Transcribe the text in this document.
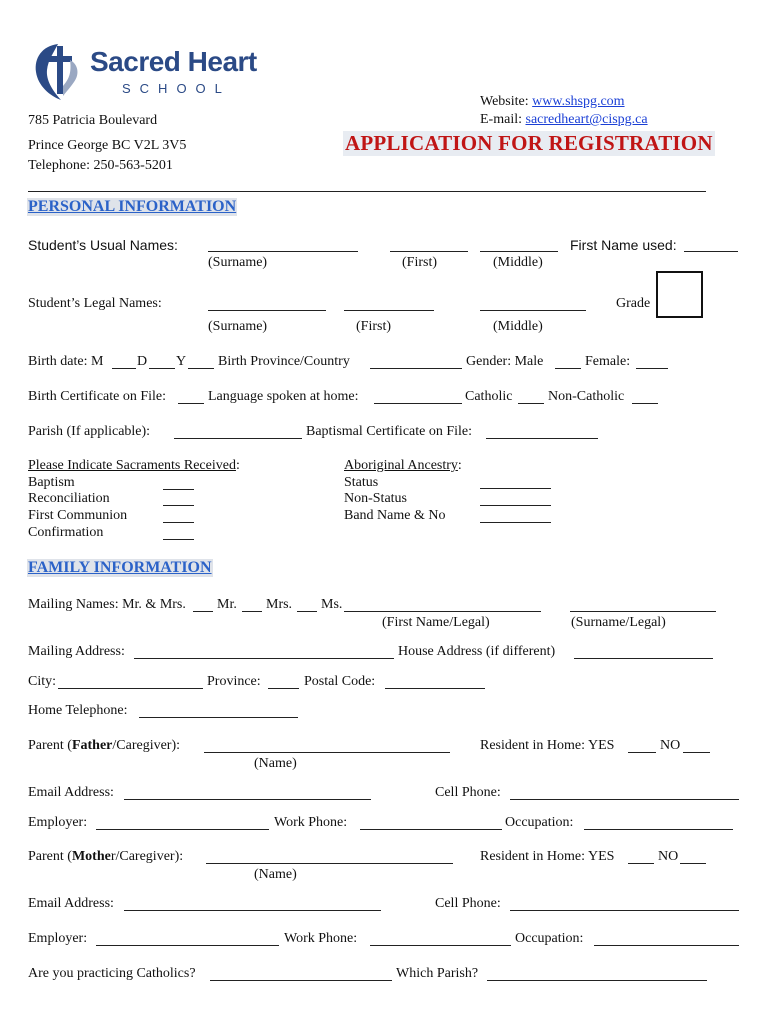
Sacred Heart
SCHOOL
785 Patricia Boulevard
Prince George BC V2L 3V5
Telephone: 250-563-5201
Website: www.shspg.com
E-mail: sacredheart@cispg.ca
APPLICATION FOR REGISTRATION
PERSONAL INFORMATION
Student’s Usual Names:	First Name used:
(Surname)	(First)	(Middle)
Student’s Legal Names:	Grade
(Surname)	(First)	(Middle)
Birth date: M D Y Birth Province/Country	Gender: Male	Female:
Birth Certificate on File:	Language spoken at home:	Catholic	Non-Catholic
Parish (If applicable):	Baptismal Certificate on File:
Please Indicate Sacraments Received:
Baptism
Reconciliation
First Communion
Confirmation
Aboriginal Ancestry:
Status
Non-Status
Band Name & No
FAMILY INFORMATION
Mailing Names: Mr. & Mrs. Mr. Mrs. Ms.
(First Name/Legal)	(Surname/Legal)
Mailing Address:	House Address (if different)
City:	Province:	Postal Code:
Home Telephone:
Parent (Father/Caregiver):	Resident in Home: YES	NO
(Name)
Email Address:	Cell Phone:
Employer:	Work Phone:	Occupation:
Parent (Mother/Caregiver):	Resident in Home: YES	NO
(Name)
Email Address:	Cell Phone:
Employer:	Work Phone:	Occupation:
Are you practicing Catholics?	Which Parish?
